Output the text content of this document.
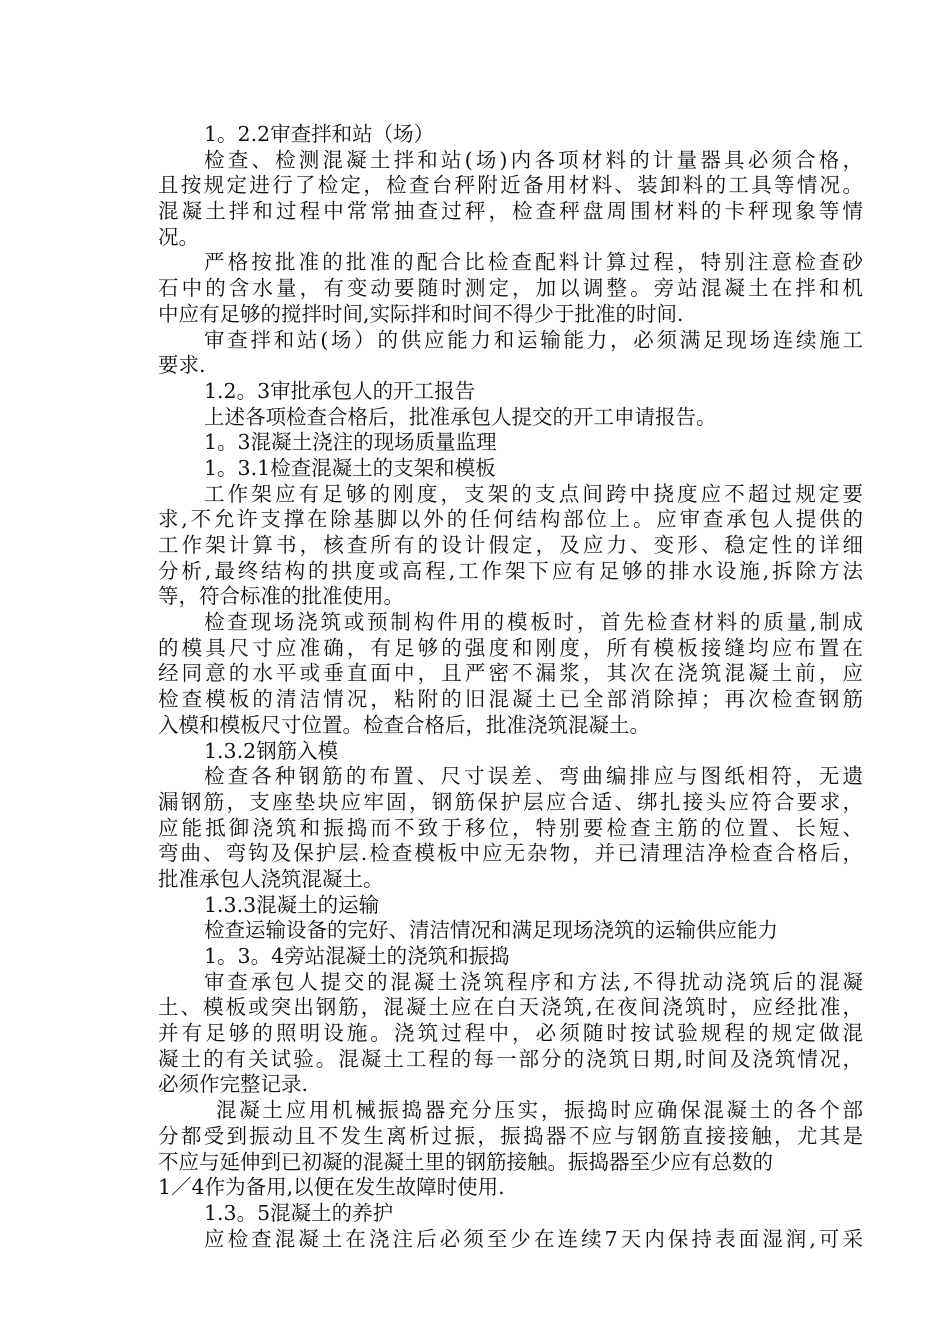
1。2.2审查拌和站（场）
检查、检测混凝土拌和站(场)内各项材料的计量器具必须合格，
且按规定进行了检定，检查台秤附近备用材料、装卸料的工具等情况。
混凝土拌和过程中常常抽查过秤，检查秤盘周围材料的卡秤现象等情
况。
严格按批准的批准的配合比检查配料计算过程，特别注意检查砂
石中的含水量，有变动要随时测定，加以调整。旁站混凝土在拌和机
中应有足够的搅拌时间,实际拌和时间不得少于批准的时间.
审查拌和站(场）的供应能力和运输能力，必须满足现场连续施工
要求.
1.2。3审批承包人的开工报告
上述各项检查合格后，批准承包人提交的开工申请报告。
1。3混凝土浇注的现场质量监理
1。3.1检查混凝土的支架和模板
工作架应有足够的刚度，支架的支点间跨中挠度应不超过规定要
求,不允许支撑在除基脚以外的任何结构部位上。应审查承包人提供的
工作架计算书，核查所有的设计假定，及应力、变形、稳定性的详细
分析,最终结构的拱度或高程,工作架下应有足够的排水设施,拆除方法
等，符合标准的批准使用。
检查现场浇筑或预制构件用的模板时，首先检查材料的质量,制成
的模具尺寸应准确，有足够的强度和刚度，所有模板接缝均应布置在
经同意的水平或垂直面中，且严密不漏浆，其次在浇筑混凝土前，应
检查模板的清洁情况，粘附的旧混凝土已全部消除掉；再次检查钢筋
入模和模板尺寸位置。检查合格后，批准浇筑混凝土。
1.3.2钢筋入模
检查各种钢筋的布置、尺寸误差、弯曲编排应与图纸相符，无遗
漏钢筋，支座垫块应牢固，钢筋保护层应合适、绑扎接头应符合要求，
应能抵御浇筑和振捣而不致于移位，特别要检查主筋的位置、长短、
弯曲、弯钩及保护层.检查模板中应无杂物，并已清理洁净检查合格后，
批准承包人浇筑混凝土。
1.3.3混凝土的运输
检查运输设备的完好、清洁情况和满足现场浇筑的运输供应能力
1。3。4旁站混凝土的浇筑和振捣
审查承包人提交的混凝土浇筑程序和方法,不得扰动浇筑后的混凝
土、模板或突出钢筋，混凝土应在白天浇筑,在夜间浇筑时，应经批准，
并有足够的照明设施。浇筑过程中，必须随时按试验规程的规定做混
凝土的有关试验。混凝土工程的每一部分的浇筑日期,时间及浇筑情况，
必须作完整记录.
混凝土应用机械振捣器充分压实，振捣时应确保混凝土的各个部
分都受到振动且不发生离析过振，振捣器不应与钢筋直接接触，尤其是
不应与延伸到已初凝的混凝土里的钢筋接触。振捣器至少应有总数的
1／4作为备用,以便在发生故障时使用.
1.3。5混凝土的养护
应检查混凝土在浇注后必须至少在连续7天内保持表面湿润,可采
